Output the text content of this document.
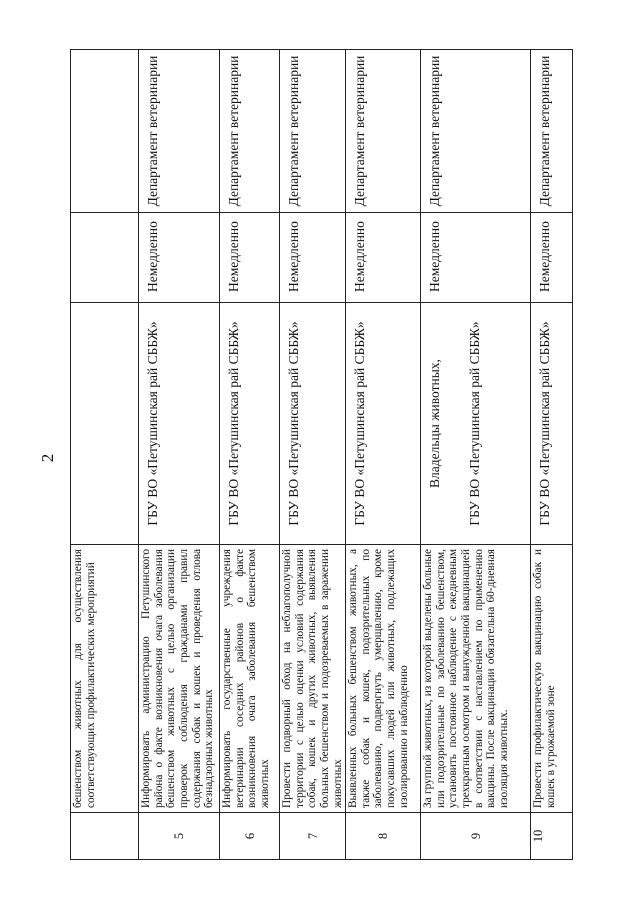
2
	бешенством животных для осуществления соответствующих профилактических мероприятий			
5	Информировать администрацию Петушинского района о факте возникновения очага заболевания бешенством животных с целью организации проверок соблюдения гражданами правил содержания собак и кошек и проведения отлова безнадзорных животных	ГБУ ВО «Петушинская рай СББЖ»	Немедленно	Департамент ветеринарии
6	Информировать государственные учреждения ветеринарии соседних районов о факте возникновения очага заболевания бешенством животных	ГБУ ВО «Петушинская рай СББЖ»	Немедленно	Департамент ветеринарии
7	Провести подворный обход на неблагополучной территории с целью оценки условий содержания собак, кошек и других животных, выявления больных бешенством и подозреваемых в заражении животных	ГБУ ВО «Петушинская рай СББЖ»	Немедленно	Департамент ветеринарии
8	Выявленных больных бешенством животных, а также собак и кошек, подозрительных по заболеванию, подвергнуть умерщвлению, кроме покусавших людей или животных, подлежащих изолированию и наблюдению	ГБУ ВО «Петушинская рай СББЖ»	Немедленно	Департамент ветеринарии
9	За группой животных, из которой выделены больные или подозрительные по заболеванию бешенством, установить постоянное наблюдение с ежедневным трехкратным осмотром и вынужденной вакцинацией в соответствии с наставлением по применению вакцины. После вакцинации обязательна 60-дневная изоляция животных.	Владельцы животных, ГБУ ВО «Петушинская рай СББЖ»	Немедленно	Департамент ветеринарии
10	Провести профилактическую вакцинацию собак и кошек в угрожаемой зоне	ГБУ ВО «Петушинская рай СББЖ»	Немедленно	Департамент ветеринарии
